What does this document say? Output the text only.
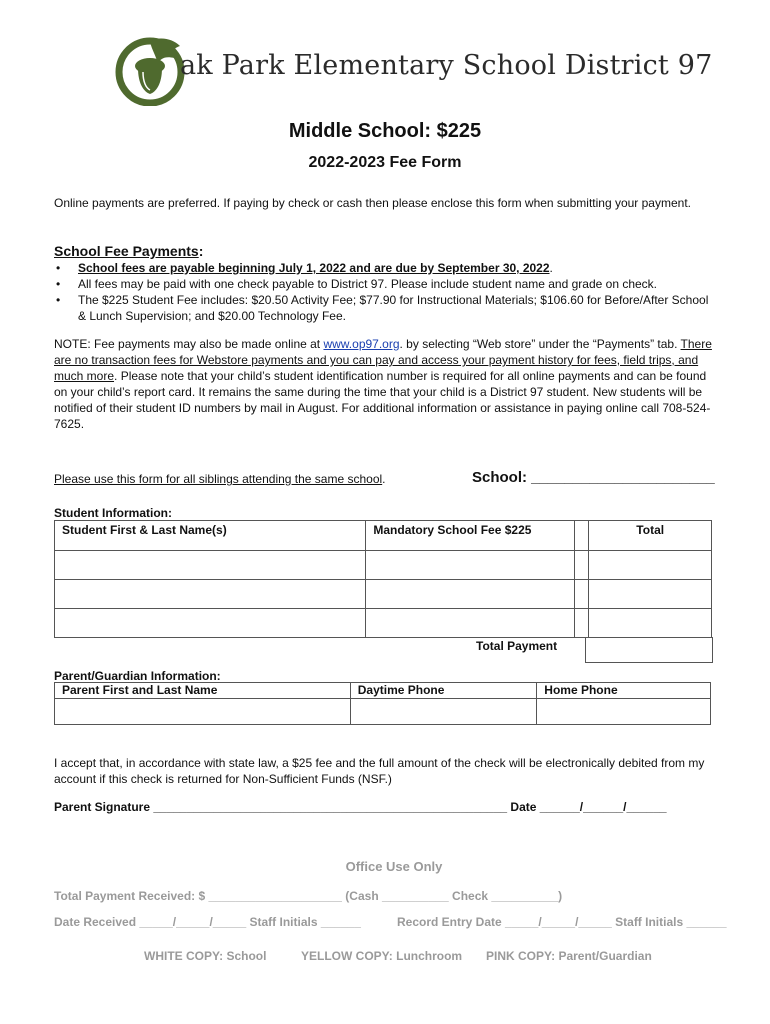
ak Park Elementary School District 97
Middle School: $225
2022-2023 Fee Form
Online payments are preferred. If paying by check or cash then please enclose this form when submitting your payment.
School Fee Payments:
• School fees are payable beginning July 1, 2022 and are due by September 30, 2022.
• All fees may be paid with one check payable to District 97. Please include student name and grade on check.
• The $225 Student Fee includes: $20.50 Activity Fee; $77.90 for Instructional Materials; $106.60 for Before/After School & Lunch Supervision; and $20.00 Technology Fee.
NOTE: Fee payments may also be made online at www.op97.org. by selecting “Web store” under the “Payments” tab. There are no transaction fees for Webstore payments and you can pay and access your payment history for fees, field trips, and much more. Please note that your child’s student identification number is required for all online payments and can be found on your child’s report card. It remains the same during the time that your child is a District 97 student. New students will be notified of their student ID numbers by mail in August. For additional information or assistance in paying online call 708-524-7625.
Please use this form for all siblings attending the same school.	School: ______________________
Student Information:
Student First & Last Name(s)	Mandatory School Fee $225		Total

Total Payment
Parent/Guardian Information:
Parent First and Last Name	Daytime Phone	Home Phone

I accept that, in accordance with state law, a $25 fee and the full amount of the check will be electronically debited from my account if this check is returned for Non-Sufficient Funds (NSF.)
Parent Signature _____________________________________________________ Date ______/______/______
Office Use Only
Total Payment Received: $ ____________________ (Cash __________ Check __________)
Date Received _____/_____/_____ Staff Initials ______	Record Entry Date _____/_____/_____ Staff Initials ______
WHITE COPY: School	YELLOW COPY: Lunchroom PINK COPY: Parent/Guardian
